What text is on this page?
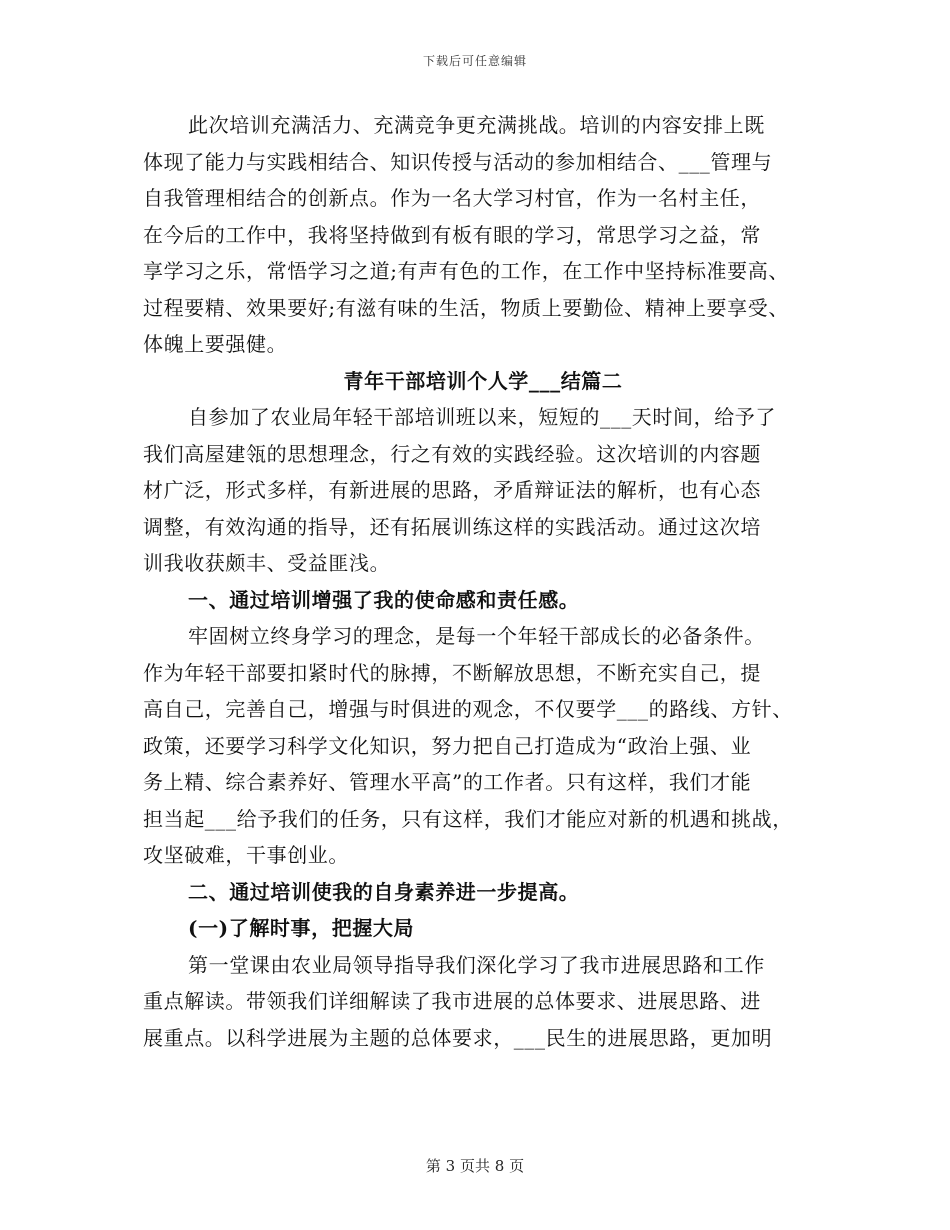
下载后可任意编辑
此次培训充满活力、充满竞争更充满挑战。培训的内容安排上既
体现了能力与实践相结合、知识传授与活动的参加相结合、___管理与
自我管理相结合的创新点。作为一名大学习村官，作为一名村主任，
在今后的工作中，我将坚持做到有板有眼的学习，常思学习之益，常
享学习之乐，常悟学习之道;有声有色的工作，在工作中坚持标准要高、
过程要精、效果要好;有滋有味的生活，物质上要勤俭、精神上要享受、
体魄上要强健。
青年干部培训个人学___结篇二
自参加了农业局年轻干部培训班以来，短短的___天时间，给予了
我们高屋建瓴的思想理念，行之有效的实践经验。这次培训的内容题
材广泛，形式多样，有新进展的思路，矛盾辩证法的解析，也有心态
调整，有效沟通的指导，还有拓展训练这样的实践活动。通过这次培
训我收获颇丰、受益匪浅。
一、通过培训增强了我的使命感和责任感。
牢固树立终身学习的理念，是每一个年轻干部成长的必备条件。
作为年轻干部要扣紧时代的脉搏，不断解放思想，不断充实自己，提
高自己，完善自己，增强与时俱进的观念，不仅要学___的路线、方针、
政策，还要学习科学文化知识，努力把自己打造成为“政治上强、业
务上精、综合素养好、管理水平高”的工作者。只有这样，我们才能
担当起___给予我们的任务，只有这样，我们才能应对新的机遇和挑战，
攻坚破难，干事创业。
二、通过培训使我的自身素养进一步提高。
(一)了解时事，把握大局
第一堂课由农业局领导指导我们深化学习了我市进展思路和工作
重点解读。带领我们详细解读了我市进展的总体要求、进展思路、进
展重点。以科学进展为主题的总体要求，___民生的进展思路，更加明
第 3 页共 8 页
